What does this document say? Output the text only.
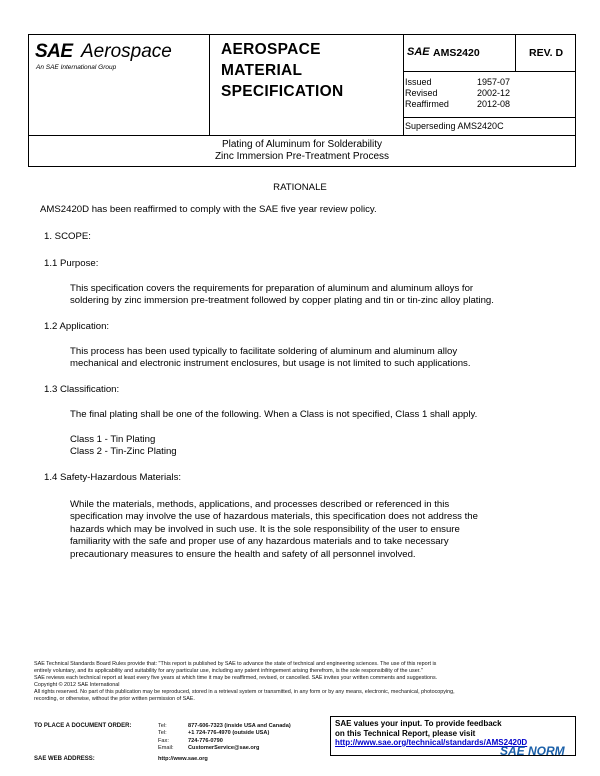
SAE Aerospace
An SAE International Group
AEROSPACE
MATERIAL
SPECIFICATION
SAE AMS2420	REV. D
Issued	1957-07
Revised	2002-12
Reaffirmed	2012-08
Superseding AMS2420C
Plating of Aluminum for Solderability
Zinc Immersion Pre-Treatment Process
RATIONALE
AMS2420D has been reaffirmed to comply with the SAE five year review policy.
1. SCOPE:
1.1 Purpose:
This specification covers the requirements for preparation of aluminum and aluminum alloys for
soldering by zinc immersion pre-treatment followed by copper plating and tin or tin-zinc alloy plating.
1.2 Application:
This process has been used typically to facilitate soldering of aluminum and aluminum alloy
mechanical and electronic instrument enclosures, but usage is not limited to such applications.
1.3 Classification:
The final plating shall be one of the following. When a Class is not specified, Class 1 shall apply.
Class 1 - Tin Plating
Class 2 - Tin-Zinc Plating
1.4 Safety-Hazardous Materials:
While the materials, methods, applications, and processes described or referenced in this
specification may involve the use of hazardous materials, this specification does not address the
hazards which may be involved in such use. It is the sole responsibility of the user to ensure
familiarity with the safe and proper use of any hazardous materials and to take necessary
precautionary measures to ensure the health and safety of all personnel involved.
SAE Technical Standards Board Rules provide that: "This report is published by SAE to advance the state of technical and engineering sciences. The use of this report is
entirely voluntary, and its applicability and suitability for any particular use, including any patent infringement arising therefrom, is the sole responsibility of the user."
SAE reviews each technical report at least every five years at which time it may be reaffirmed, revised, or cancelled. SAE invites your written comments and suggestions.
Copyright © 2012 SAE International
All rights reserved. No part of this publication may be reproduced, stored in a retrieval system or transmitted, in any form or by any means, electronic, mechanical, photocopying,
recording, or otherwise, without the prior written permission of SAE.
TO PLACE A DOCUMENT ORDER:	Tel:	877-606-7323 (inside USA and Canada)
Tel:	+1 724-776-4970 (outside USA)
Fax:	724-776-0790
Email:	CustomerService@sae.org
SAE WEB ADDRESS:	http://www.sae.org
SAE values your input. To provide feedback
on this Technical Report, please visit
http://www.sae.org/technical/standards/AMS2420D
SAE NORM
